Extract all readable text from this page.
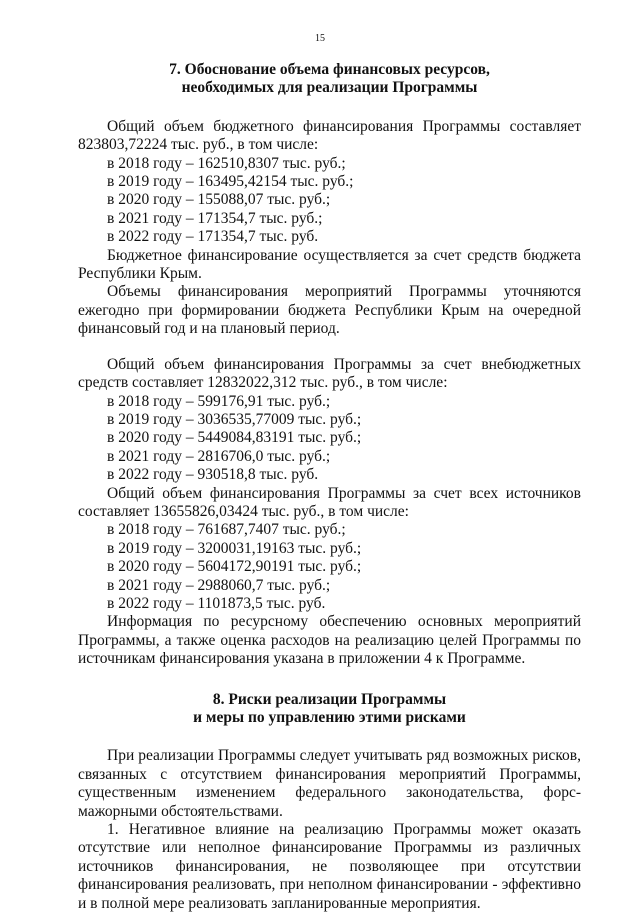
15
7. Обоснование объема финансовых ресурсов,
необходимых для реализации Программы

Общий объем бюджетного финансирования Программы составляет 823803,72224 тыс. руб., в том числе:

в 2018 году – 162510,8307 тыс. руб.;
в 2019 году – 163495,42154 тыс. руб.;
в 2020 году – 155088,07 тыс. руб.;
в 2021 году – 171354,7 тыс. руб.;
в 2022 году – 171354,7 тыс. руб.

Бюджетное финансирование осуществляется за счет средств бюджета Республики Крым.

Объемы финансирования мероприятий Программы уточняются ежегодно при формировании бюджета Республики Крым на очередной финансовый год и на плановый период.

Общий объем финансирования Программы за счет внебюджетных средств составляет 12832022,312 тыс. руб., в том числе:

в 2018 году – 599176,91 тыс. руб.;
в 2019 году – 3036535,77009 тыс. руб.;
в 2020 году – 5449084,83191 тыс. руб.;
в 2021 году – 2816706,0 тыс. руб.;
в 2022 году – 930518,8 тыс. руб.

Общий объем финансирования Программы за счет всех источников составляет 13655826,03424 тыс. руб., в том числе:

в 2018 году – 761687,7407 тыс. руб.;
в 2019 году – 3200031,19163 тыс. руб.;
в 2020 году – 5604172,90191 тыс. руб.;
в 2021 году – 2988060,7 тыс. руб.;
в 2022 году – 1101873,5 тыс. руб.

Информация по ресурсному обеспечению основных мероприятий Программы, а также оценка расходов на реализацию целей Программы по источникам финансирования указана в приложении 4 к Программе.

8. Риски реализации Программы
и меры по управлению этими рисками

При реализации Программы следует учитывать ряд возможных рисков, связанных с отсутствием финансирования мероприятий Программы, существенным изменением федерального законодательства, форс-мажорными обстоятельствами.

1. Негативное влияние на реализацию Программы может оказать отсутствие или неполное финансирование Программы из различных источников финансирования, не позволяющее при отсутствии финансирования реализовать, при неполном финансировании - эффективно и в полной мере реализовать запланированные мероприятия.
